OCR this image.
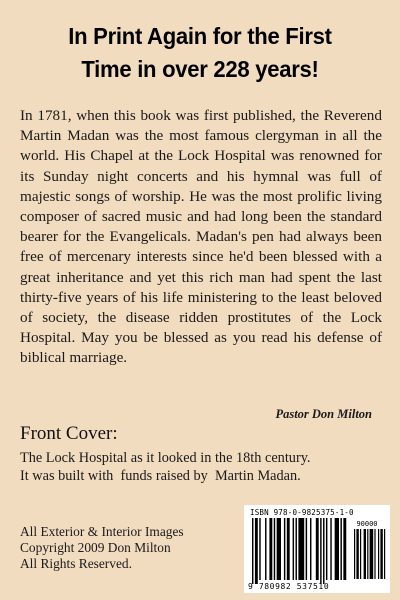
In Print Again for the First
Time in over 228 years!

In 1781, when this book was first published, the Reverend Martin Madan was the most famous clergyman in all the world. His Chapel at the Lock Hospital was renowned for its Sunday night concerts and his hymnal was full of majestic songs of worship. He was the most prolific living composer of sacred music and had long been the standard bearer for the Evangelicals. Madan's pen had always been free of mercenary interests since he'd been blessed with a great inheritance and yet this rich man had spent the last thirty-five years of his life ministering to the least beloved of society, the disease ridden prostitutes of the Lock Hospital. May you be blessed as you read his defense of biblical marriage.

Pastor Don Milton
Front Cover:
The Lock Hospital as it looked in the 18th century.
It was built with  funds raised by  Martin Madan.
All Exterior & Interior Images
Copyright 2009 Don Milton
All Rights Reserved.
ISBN 978-0-9825375-1-0
90000
9 780982 537510
